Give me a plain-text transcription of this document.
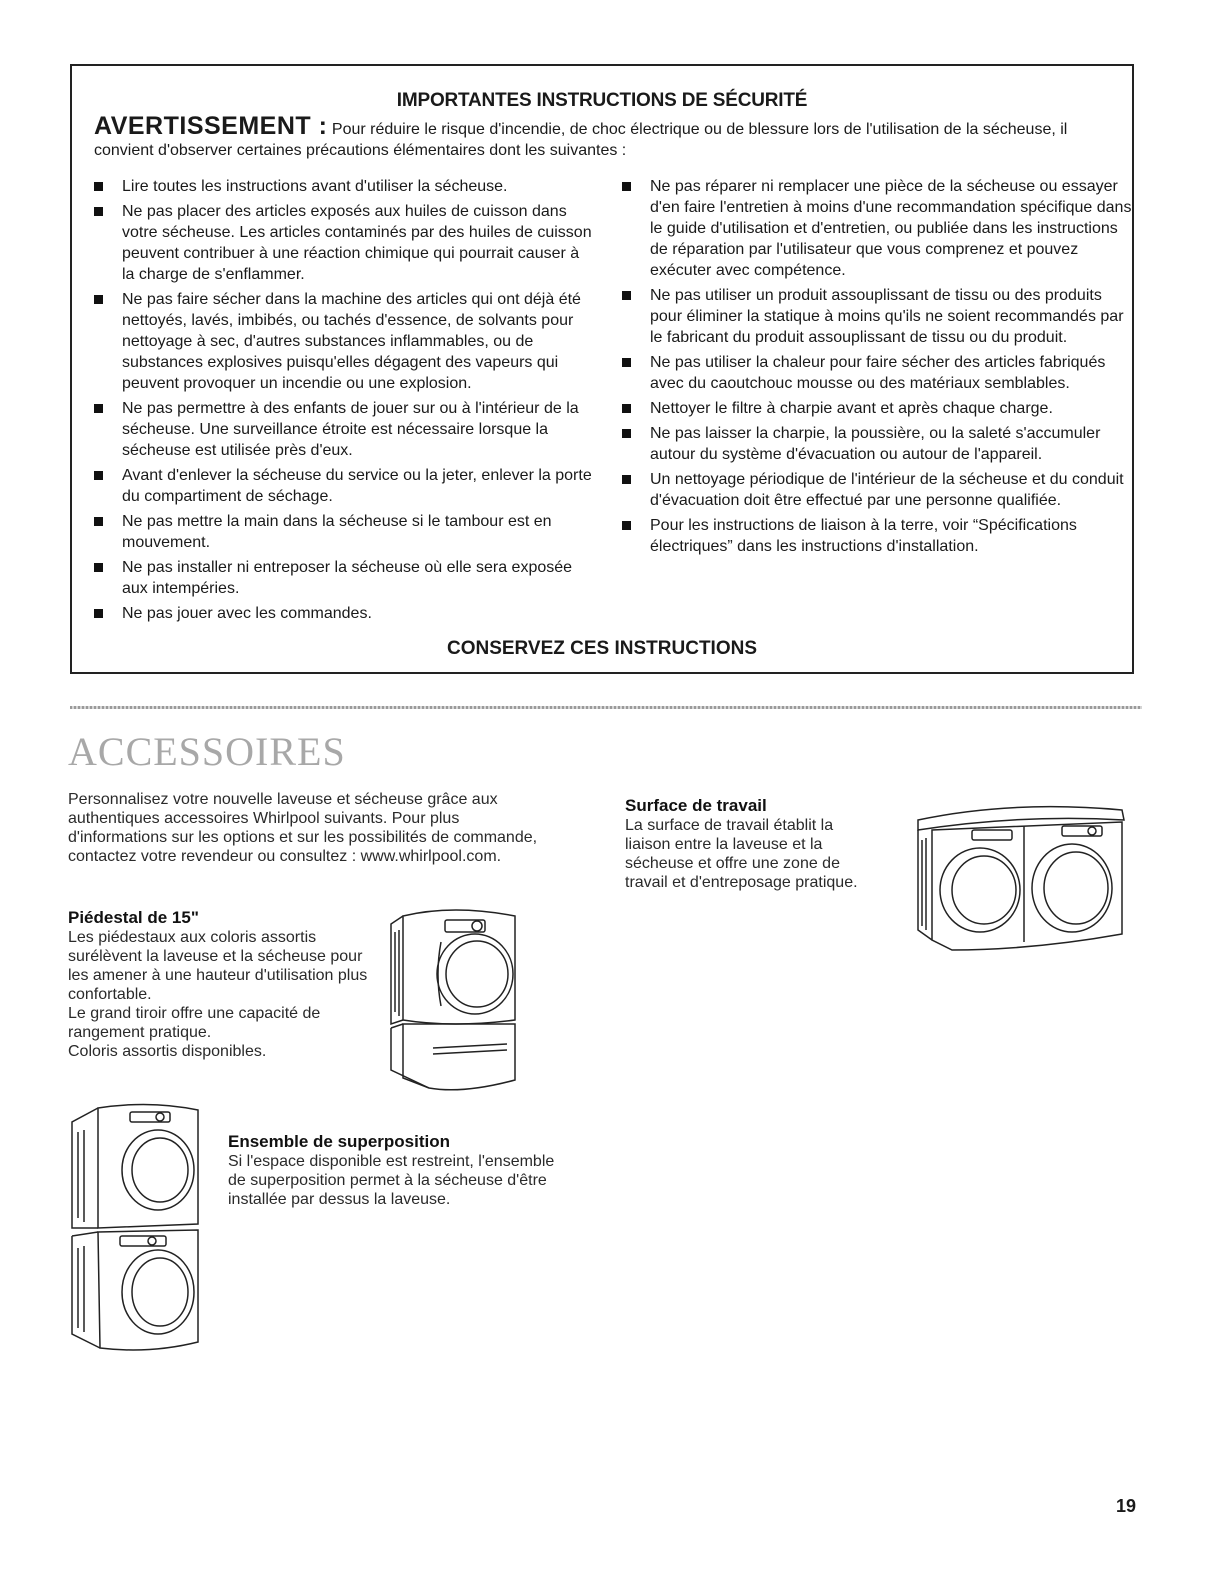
IMPORTANTES INSTRUCTIONS DE SÉCURITÉ
AVERTISSEMENT : Pour réduire le risque d'incendie, de choc électrique ou de blessure lors de l'utilisation de la sécheuse, il convient d'observer certaines précautions élémentaires dont les suivantes :
Lire toutes les instructions avant d'utiliser la sécheuse.
Ne pas placer des articles exposés aux huiles de cuisson dans votre sécheuse. Les articles contaminés par des huiles de cuisson peuvent contribuer à une réaction chimique qui pourrait causer à la charge de s'enflammer.
Ne pas faire sécher dans la machine des articles qui ont déjà été nettoyés, lavés, imbibés, ou tachés d'essence, de solvants pour nettoyage à sec, d'autres substances inflammables, ou de substances explosives puisqu'elles dégagent des vapeurs qui peuvent provoquer un incendie ou une explosion.
Ne pas permettre à des enfants de jouer sur ou à l'intérieur de la sécheuse. Une surveillance étroite est nécessaire lorsque la sécheuse est utilisée près d'eux.
Avant d'enlever la sécheuse du service ou la jeter, enlever la porte du compartiment de séchage.
Ne pas mettre la main dans la sécheuse si le tambour est en mouvement.
Ne pas installer ni entreposer la sécheuse où elle sera exposée aux intempéries.
Ne pas jouer avec les commandes.
Ne pas réparer ni remplacer une pièce de la sécheuse ou essayer d'en faire l'entretien à moins d'une recommandation spécifique dans le guide d'utilisation et d'entretien, ou publiée dans les instructions de réparation par l'utilisateur que vous comprenez et pouvez exécuter avec compétence.
Ne pas utiliser un produit assouplissant de tissu ou des produits pour éliminer la statique à moins qu'ils ne soient recommandés par le fabricant du produit assouplissant de tissu ou du produit.
Ne pas utiliser la chaleur pour faire sécher des articles fabriqués avec du caoutchouc mousse ou des matériaux semblables.
Nettoyer le filtre à charpie avant et après chaque charge.
Ne pas laisser la charpie, la poussière, ou la saleté s'accumuler autour du système d'évacuation ou autour de l'appareil.
Un nettoyage périodique de l'intérieur de la sécheuse et du conduit d'évacuation doit être effectué par une personne qualifiée.
Pour les instructions de liaison à la terre, voir “Spécifications électriques” dans les instructions d'installation.
CONSERVEZ CES INSTRUCTIONS
ACCESSOIRES
Personnalisez votre nouvelle laveuse et sécheuse grâce aux authentiques accessoires Whirlpool suivants. Pour plus d'informations sur les options et sur les possibilités de commande, contactez votre revendeur ou consultez : www.whirlpool.com.
Piédestal de 15"
Les piédestaux aux coloris assortis surélèvent la laveuse et la sécheuse pour les amener à une hauteur d'utilisation plus confortable.
Le grand tiroir offre une capacité de rangement pratique.
Coloris assortis disponibles.
Ensemble de superposition
Si l'espace disponible est restreint, l'ensemble de superposition permet à la sécheuse d'être installée par dessus la laveuse.
Surface de travail
La surface de travail établit la liaison entre la laveuse et la sécheuse et offre une zone de travail et d'entreposage pratique.
19
